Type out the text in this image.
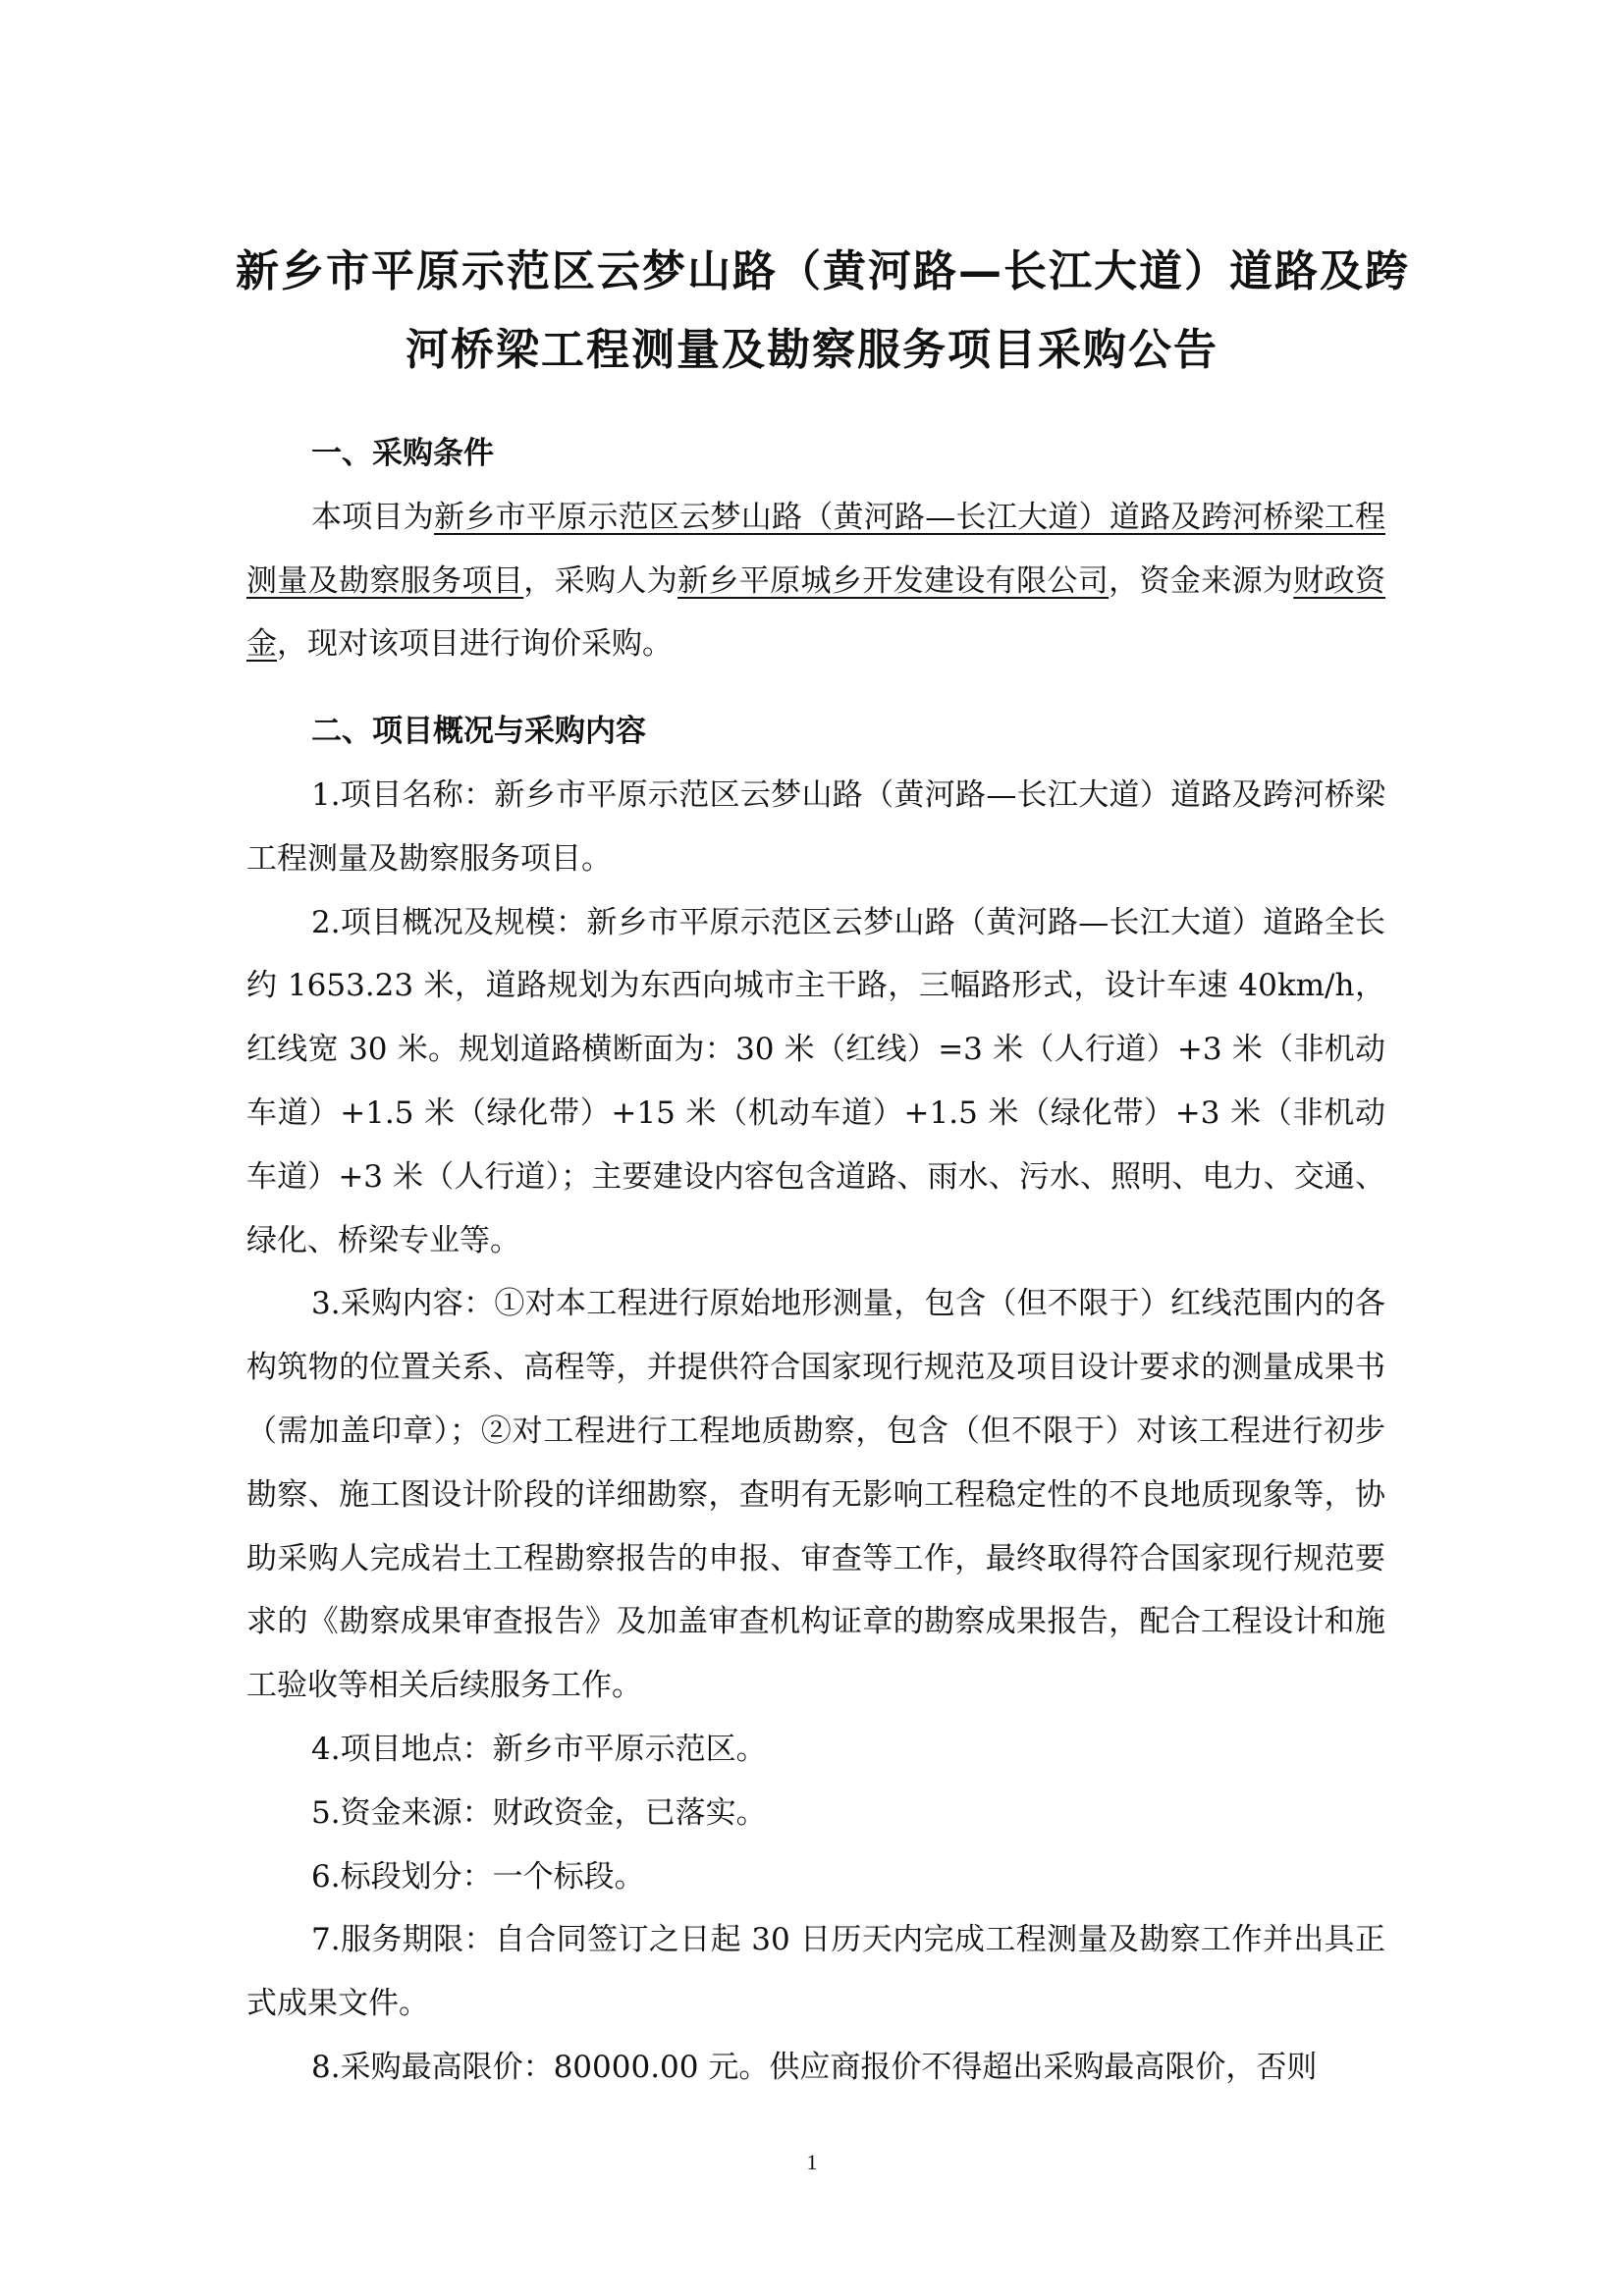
新乡市平原示范区云梦山路（黄河路—长江大道）道路及跨
河桥梁工程测量及勘察服务项目采购公告
一、采购条件

本项目为新乡市平原示范区云梦山路（黄河路—长江大道）道路及跨河桥梁工程测量及勘察服务项目，采购人为新乡平原城乡开发建设有限公司，资金来源为财政资金，现对该项目进行询价采购。

二、项目概况与采购内容

1.项目名称：新乡市平原示范区云梦山路（黄河路—长江大道）道路及跨河桥梁工程测量及勘察服务项目。

2.项目概况及规模：新乡市平原示范区云梦山路（黄河路—长江大道）道路全长约 1653.23 米，道路规划为东西向城市主干路，三幅路形式，设计车速 40km/h，红线宽 30 米。规划道路横断面为：30 米（红线）=3 米（人行道）+3 米（非机动车道）+1.5 米（绿化带）+15 米（机动车道）+1.5 米（绿化带）+3 米（非机动车道）+3 米（人行道）；主要建设内容包含道路、雨水、污水、照明、电力、交通、绿化、桥梁专业等。

3.采购内容：①对本工程进行原始地形测量，包含（但不限于）红线范围内的各构筑物的位置关系、高程等，并提供符合国家现行规范及项目设计要求的测量成果书（需加盖印章）；②对工程进行工程地质勘察，包含（但不限于）对该工程进行初步勘察、施工图设计阶段的详细勘察，查明有无影响工程稳定性的不良地质现象等，协助采购人完成岩土工程勘察报告的申报、审查等工作，最终取得符合国家现行规范要求的《勘察成果审查报告》及加盖审查机构证章的勘察成果报告，配合工程设计和施工验收等相关后续服务工作。

4.项目地点：新乡市平原示范区。

5.资金来源：财政资金，已落实。

6.标段划分：一个标段。

7.服务期限：自合同签订之日起 30 日历天内完成工程测量及勘察工作并出具正式成果文件。

8.采购最高限价：80000.00 元。供应商报价不得超出采购最高限价，否则

1
